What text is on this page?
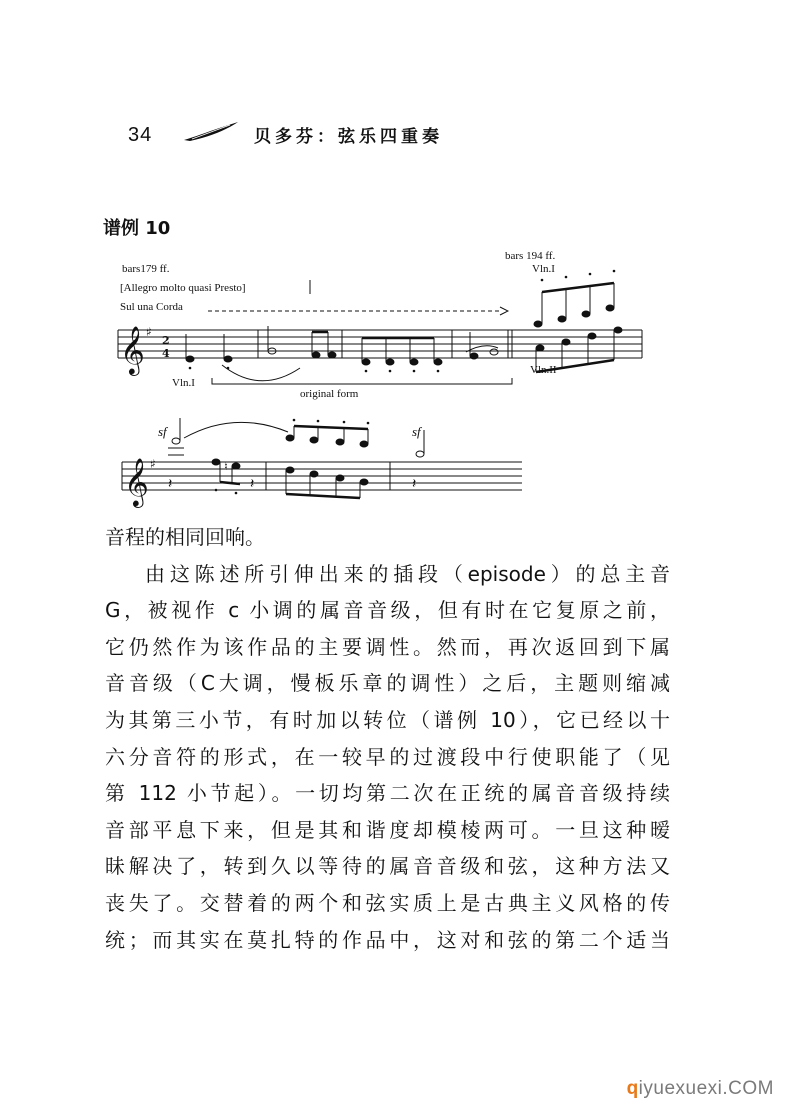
34	贝多芬：弦乐四重奏
谱例 10
𝄞 ♯
2
4
bars179 ff.
[Allegro molto quasi Presto]
Sul una Corda
bars 194 ff.
Vln.I
Vln.I
Vln.II
original form
𝄞 ♯
𝄽
♮
𝄽	𝄽
sf	sf
音程的相同回响。
由这陈述所引伸出来的插段（episode）的总主音
G，被视作 c 小调的属音音级，但有时在它复原之前，
它仍然作为该作品的主要调性。然而，再次返回到下属
音音级（C大调，慢板乐章的调性）之后，主题则缩减
为其第三小节，有时加以转位（谱例 10），它已经以十
六分音符的形式，在一较早的过渡段中行使职能了（见
第 112 小节起）。一切均第二次在正统的属音音级持续
音部平息下来，但是其和谐度却模棱两可。一旦这种暧
昧解决了，转到久以等待的属音音级和弦，这种方法又
丧失了。交替着的两个和弦实质上是古典主义风格的传
统；而其实在莫扎特的作品中，这对和弦的第二个适当
qiyuexuexi.COM
